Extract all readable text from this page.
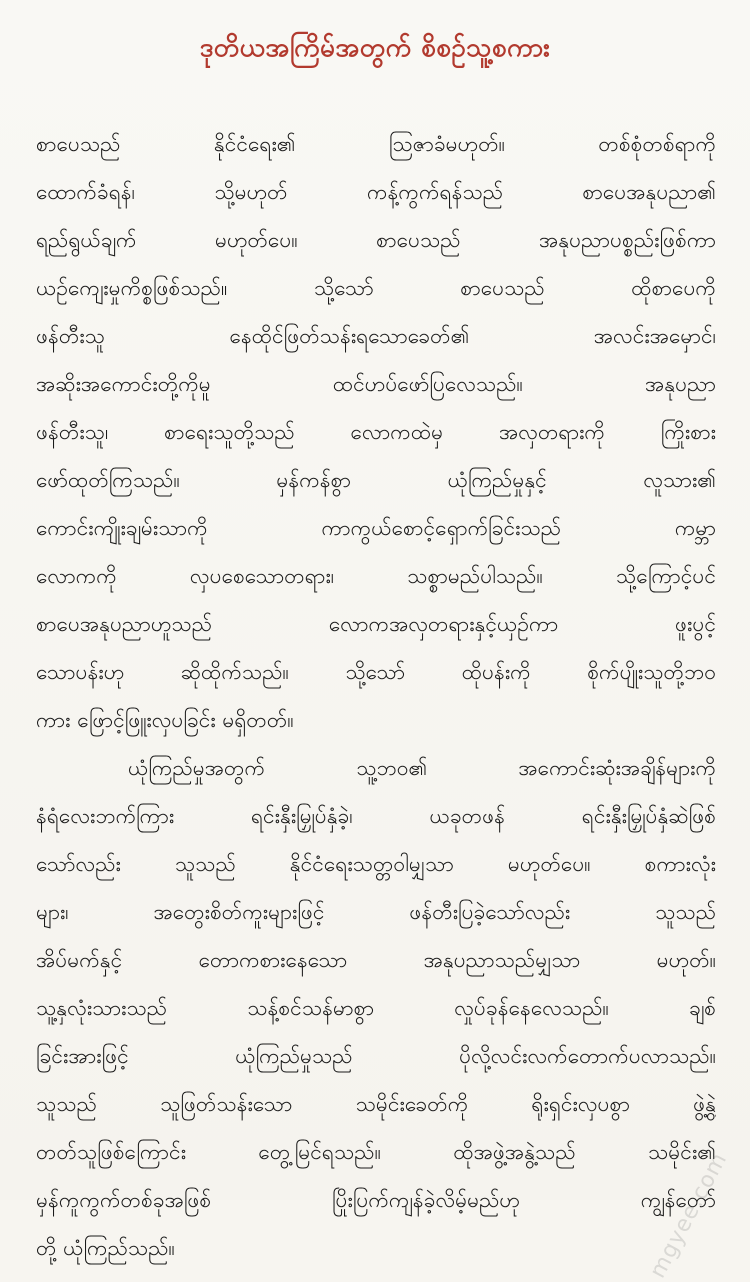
ဒုတိယအကြိမ်အတွက် စိစဥ်သူ့စကား
စာပေသည် နိုင်ငံရေး၏ ဩဇာခံမဟုတ်။ တစ်စုံတစ်ရာကို
ထောက်ခံရန်၊ သို့မဟုတ် ကန့်ကွက်ရန်သည် စာပေအနုပညာ၏
ရည်ရွယ်ချက် မဟုတ်ပေ။ စာပေသည် အနုပညာပစ္စည်းဖြစ်ကာ
ယဉ်ကျေးမှုကိစ္စဖြစ်သည်။ သို့သော် စာပေသည် ထိုစာပေကို
ဖန်တီးသူ နေထိုင်ဖြတ်သန်းရသောခေတ်၏ အလင်းအမှောင်၊
အဆိုးအကောင်းတို့ကိုမူ ထင်ဟပ်ဖော်ပြလေသည်။ အနုပညာ
ဖန်တီးသူ၊ စာရေးသူတို့သည် လောကထဲမှ အလှတရားကို ကြိုးစား
ဖော်ထုတ်ကြသည်။ မှန်ကန်စွာ ယုံကြည်မှုနှင့် လူသား၏
ကောင်းကျိုးချမ်းသာကို ကာကွယ်စောင့်ရှောက်ခြင်းသည် ကမ္ဘာ
လောကကို လှပစေသောတရား၊ သစ္စာမည်ပါသည်။ သို့ကြောင့်ပင်
စာပေအနုပညာဟူသည် လောကအလှတရားနှင့်ယှဉ်ကာ ဖူးပွင့်
သောပန်းဟု ဆိုထိုက်သည်။ သို့သော် ထိုပန်းကို စိုက်ပျိုးသူတို့ဘဝ
ကား ဖြောင့်ဖြူးလှပခြင်း မရှိတတ်။
ယုံကြည်မှုအတွက် သူ့ဘဝ၏ အကောင်းဆုံးအချိန်များကို
နံရံလေးဘက်ကြား ရင်းနှီးမြှုပ်နှံခဲ့၊ ယခုတဖန် ရင်းနှီးမြှုပ်နှံဆဲဖြစ်
သော်လည်း သူသည် နိုင်ငံရေးသတ္တဝါမျှသာ မဟုတ်ပေ။ စကားလုံး
များ၊ အတွေးစိတ်ကူးများဖြင့် ဖန်တီးပြခဲ့သော်လည်း သူသည်
အိပ်မက်နှင့် တောကစားနေသော အနုပညာသည်မျှသာ မဟုတ်။
သူ့နှလုံးသားသည် သန့်စင်သန်မာစွာ လှုပ်ခုန်နေလေသည်။ ချစ်
ခြင်းအားဖြင့် ယုံကြည်မှုသည် ပိုလို့လင်းလက်တောက်ပလာသည်။
သူသည် သူဖြတ်သန်းသော သမိုင်းခေတ်ကို ရိုးရှင်းလှပစွာ ဖွဲ့နွဲ့
တတ်သူဖြစ်ကြောင်း တွေ့မြင်ရသည်။ ထိုအဖွဲ့အနွဲ့သည် သမိုင်း၏
မှန်ကူကွက်တစ်ခုအဖြစ် ပြိုးပြက်ကျန်ခဲ့လိမ့်မည်ဟု ကျွန်တော်
တို့ ယုံကြည်သည်။	mgyee.com
